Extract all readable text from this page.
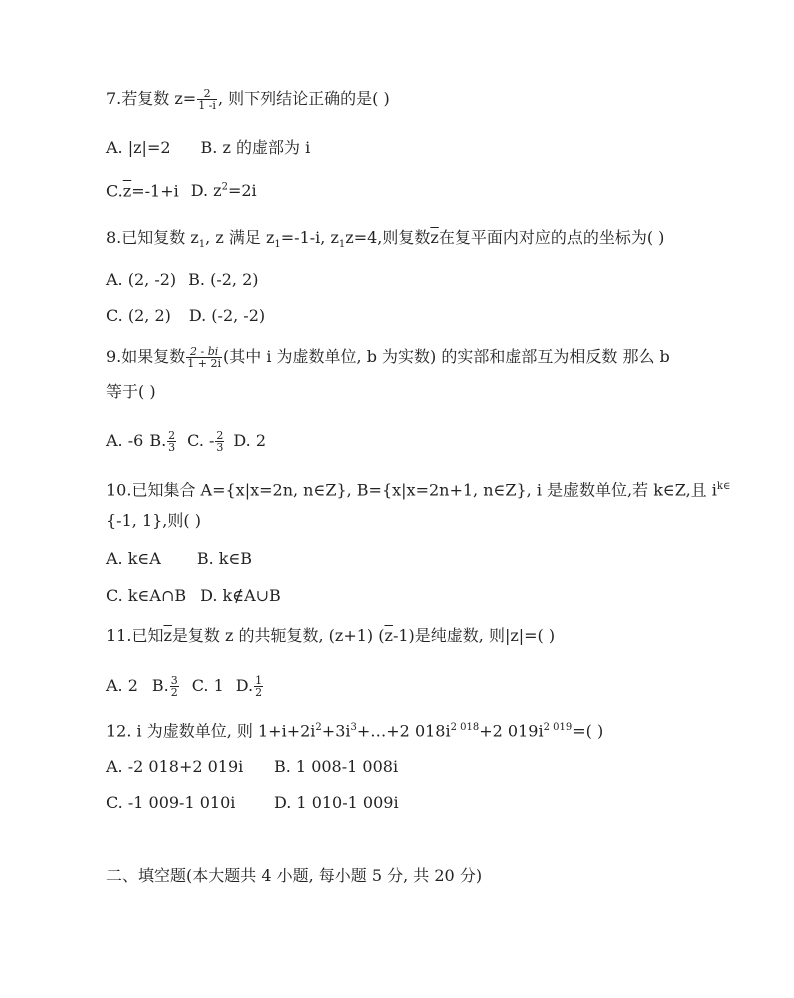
7.若复数 $z= \frac{2}{1 -i}$ , 则下列结论正确的是( )
A. |z|=2 B. z 的虚部为 i
$C.\overline{z}=-1+i$ D. $z^2=2i$
8.已知复数 $z_1$, z 满足 $z_1=-1-i$, $z_1z=4$,则复数$\overline{z}$在复平面内对应的点的坐标为( )
A. (2, -2) B. (-2, 2)
C. (2, 2) D. (-2, -2)
9.如果复数 $\frac{2 - bi}{1 + 2i}$ (其中 i 为虚数单位, b 为实数) 的实部和虚部互为相反数 那么 b
等于( )
A. -6 B. $\frac{2}{3} C$. - $\frac{2}{3} D$. 2
10.已知集合 A={x|x=2n, n∈Z}, B={x|x=2n+1, n∈Z}, i 是虚数单位,若 k∈Z,且 $i^{k\in}$
{-1, 1},则( )
A. k∈A B. k∈B
C. k∈A∩B D. k∉A∪B
11.已知$\overline{z}$是复数 z 的共轭复数, (z+1) $(\overline{z}-1)$是纯虚数, 则|z|=( )
A. 2 B. $\frac{3}{2} C$. 1 D. $\frac{1}{2}$
12. i 为虚数单位, 则 $1+i+2i^2+3i^3+\dots+2$ $018i^{2 018}+2$ $019i^{2 019}=$( )
A. -2 018+2 019i B. 1 008-1 008i
C. -1 009-1 010i D. 1 010-1 009i
二、填空题(本大题共 4 小题, 每小题 5 分, 共 20 分)
